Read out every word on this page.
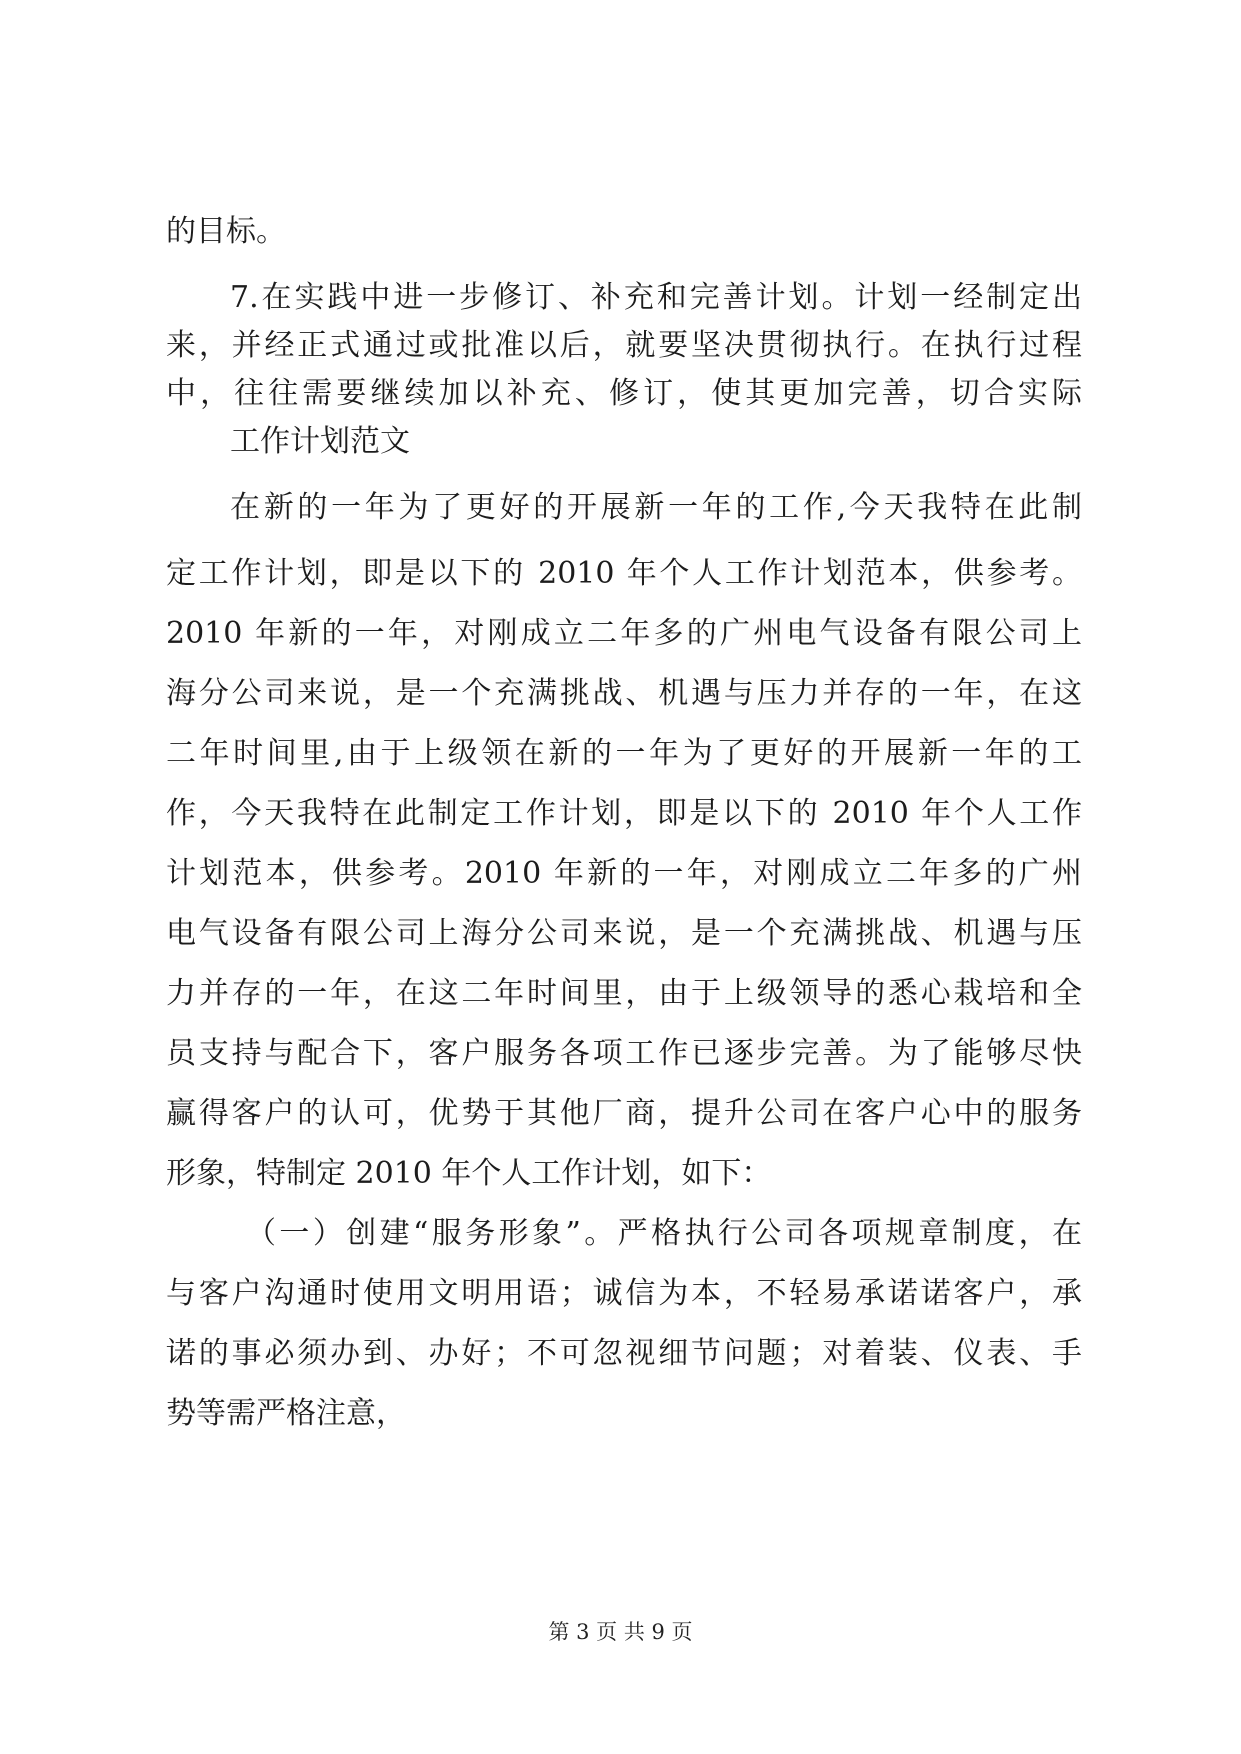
的目标。
7.在实践中进一步修订、补充和完善计划。计划一经制定出
来，并经正式通过或批准以后，就要坚决贯彻执行。在执行过程
中，往往需要继续加以补充、修订，使其更加完善，切合实际
工作计划范文
在新的一年为了更好的开展新一年的工作,今天我特在此制
定工作计划，即是以下的 2010 年个人工作计划范本，供参考。
2010 年新的一年，对刚成立二年多的广州电气设备有限公司上
海分公司来说，是一个充满挑战、机遇与压力并存的一年，在这
二年时间里,由于上级领在新的一年为了更好的开展新一年的工
作，今天我特在此制定工作计划，即是以下的 2010 年个人工作
计划范本，供参考。2010 年新的一年，对刚成立二年多的广州
电气设备有限公司上海分公司来说，是一个充满挑战、机遇与压
力并存的一年，在这二年时间里，由于上级领导的悉心栽培和全
员支持与配合下，客户服务各项工作已逐步完善。为了能够尽快
赢得客户的认可，优势于其他厂商，提升公司在客户心中的服务
形象，特制定 2010 年个人工作计划，如下：
（一）创建“服务形象”。严格执行公司各项规章制度，在
与客户沟通时使用文明用语；诚信为本，不轻易承诺诺客户，承
诺的事必须办到、办好；不可忽视细节问题；对着装、仪表、手
势等需严格注意，
第 3 页 共 9 页
